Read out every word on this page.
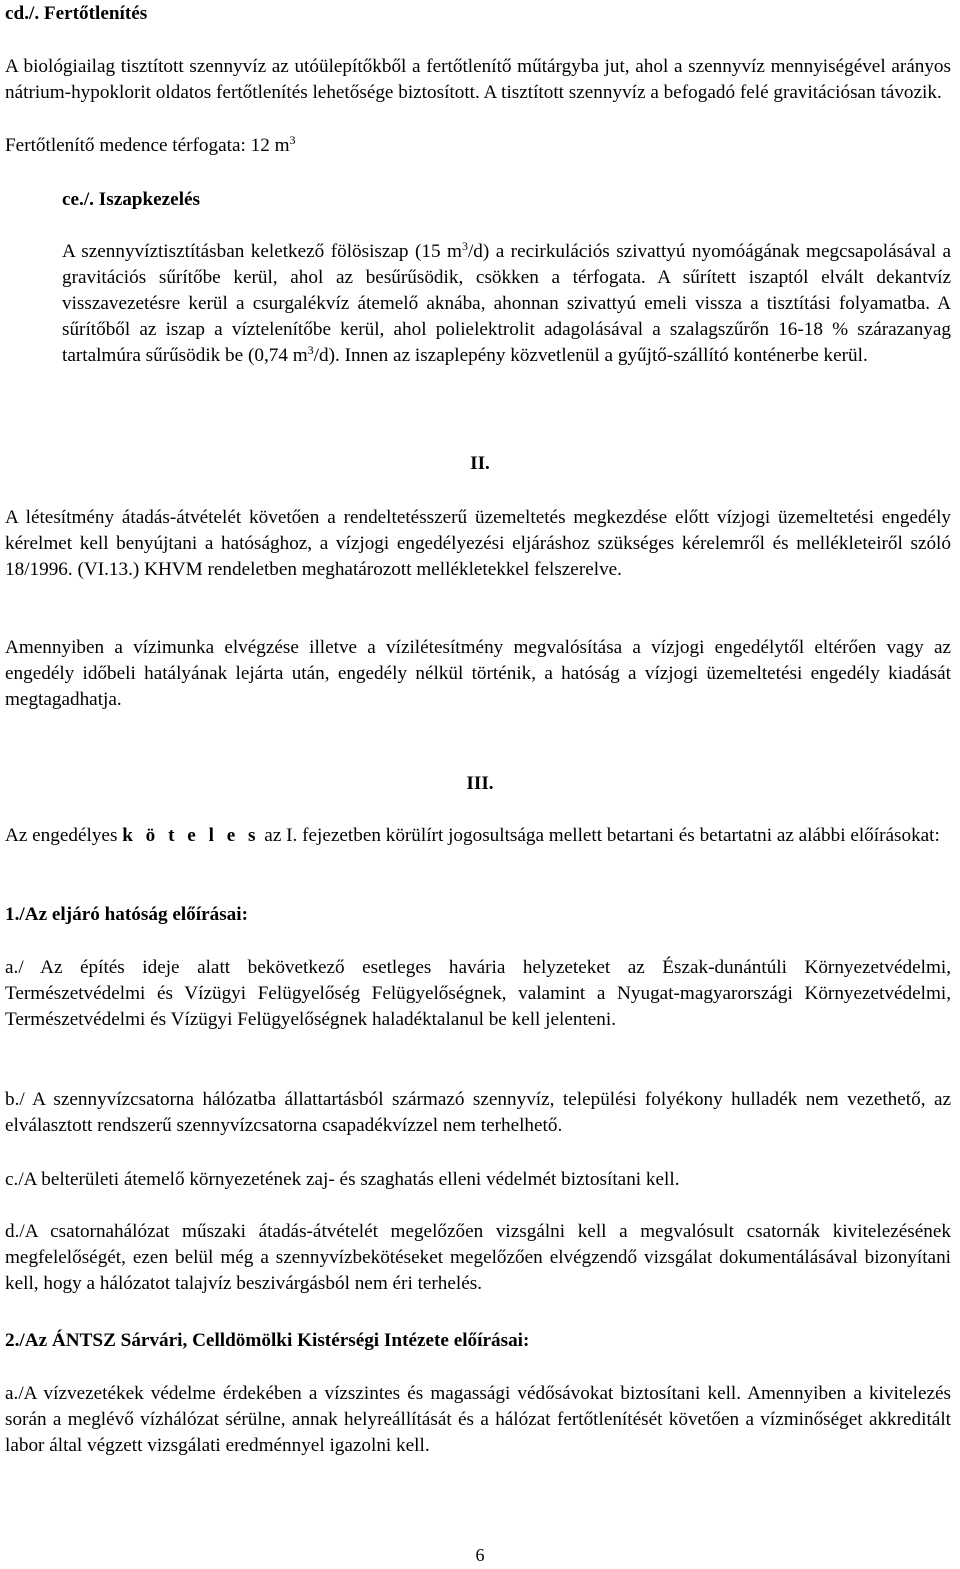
cd./. Fertőtlenítés

A biológiailag tisztított szennyvíz az utóülepítőkből a fertőtlenítő műtárgyba jut, ahol a szennyvíz mennyiségével arányos nátrium-hypoklorit oldatos fertőtlenítés lehetősége biztosított. A tisztított szennyvíz a befogadó felé gravitációsan távozik.

Fertőtlenítő medence térfogata: 12 $m^3$

ce./. Iszapkezelés

A szennyvíztisztításban keletkező fölösiszap (15 $m^3/d$) a recirkulációs szivattyú nyomóágának megcsapolásával a gravitációs sűrítőbe kerül, ahol az besűrűsödik, csökken a térfogata. A sűrített iszaptól elvált dekantvíz visszavezetésre kerül a csurgalékvíz átemelő aknába, ahonnan szivattyú emeli vissza a tisztítási folyamatba. A sűrítőből az iszap a víztelenítőbe kerül, ahol polielektrolit adagolásával a szalagszűrőn 16-18 % szárazanyag tartalmúra sűrűsödik be (0,74 $m^3/d$). Innen az iszaplepény közvetlenül a gyűjtő-szállító konténerbe kerül.

II.

A létesítmény átadás-átvételét követően a rendeltetésszerű üzemeltetés megkezdése előtt vízjogi üzemeltetési engedély kérelmet kell benyújtani a hatósághoz, a vízjogi engedélyezési eljáráshoz szükséges kérelemről és mellékleteiről szóló 18/1996. (VI.13.) KHVM rendeletben meghatározott mellékletekkel felszerelve.

Amennyiben a vízimunka elvégzése illetve a vízilétesítmény megvalósítása a vízjogi engedélytől eltérően vagy az engedély időbeli hatályának lejárta után, engedély nélkül történik, a hatóság a vízjogi üzemeltetési engedély kiadását megtagadhatja.

III.

Az engedélyes k ö t e l e s az I. fejezetben körülírt jogosultsága mellett betartani és betartatni az alábbi előírásokat:

1./Az eljáró hatóság előírásai:

a./ Az építés ideje alatt bekövetkező esetleges havária helyzeteket az Észak-dunántúli Környezetvédelmi, Természetvédelmi és Vízügyi Felügyelőség Felügyelőségnek, valamint a Nyugat-magyarországi Környezetvédelmi, Természetvédelmi és Vízügyi Felügyelőségnek haladéktalanul be kell jelenteni.

b./ A szennyvízcsatorna hálózatba állattartásból származó szennyvíz, települési folyékony hulladék nem vezethető, az elválasztott rendszerű szennyvízcsatorna csapadékvízzel nem terhelhető.

c./A belterületi átemelő környezetének zaj- és szaghatás elleni védelmét biztosítani kell.

d./A csatornahálózat műszaki átadás-átvételét megelőzően vizsgálni kell a megvalósult csatornák kivitelezésének megfelelőségét, ezen belül még a szennyvízbekötéseket megelőzően elvégzendő vizsgálat dokumentálásával bizonyítani kell, hogy a hálózatot talajvíz beszivárgásból nem éri terhelés.

2./Az ÁNTSZ Sárvári, Celldömölki Kistérségi Intézete előírásai:

a./A vízvezetékek védelme érdekében a vízszintes és magassági védősávokat biztosítani kell. Amennyiben a kivitelezés során a meglévő vízhálózat sérülne, annak helyreállítását és a hálózat fertőtlenítését követően a vízminőséget akkreditált labor által végzett vizsgálati eredménnyel igazolni kell.

6
